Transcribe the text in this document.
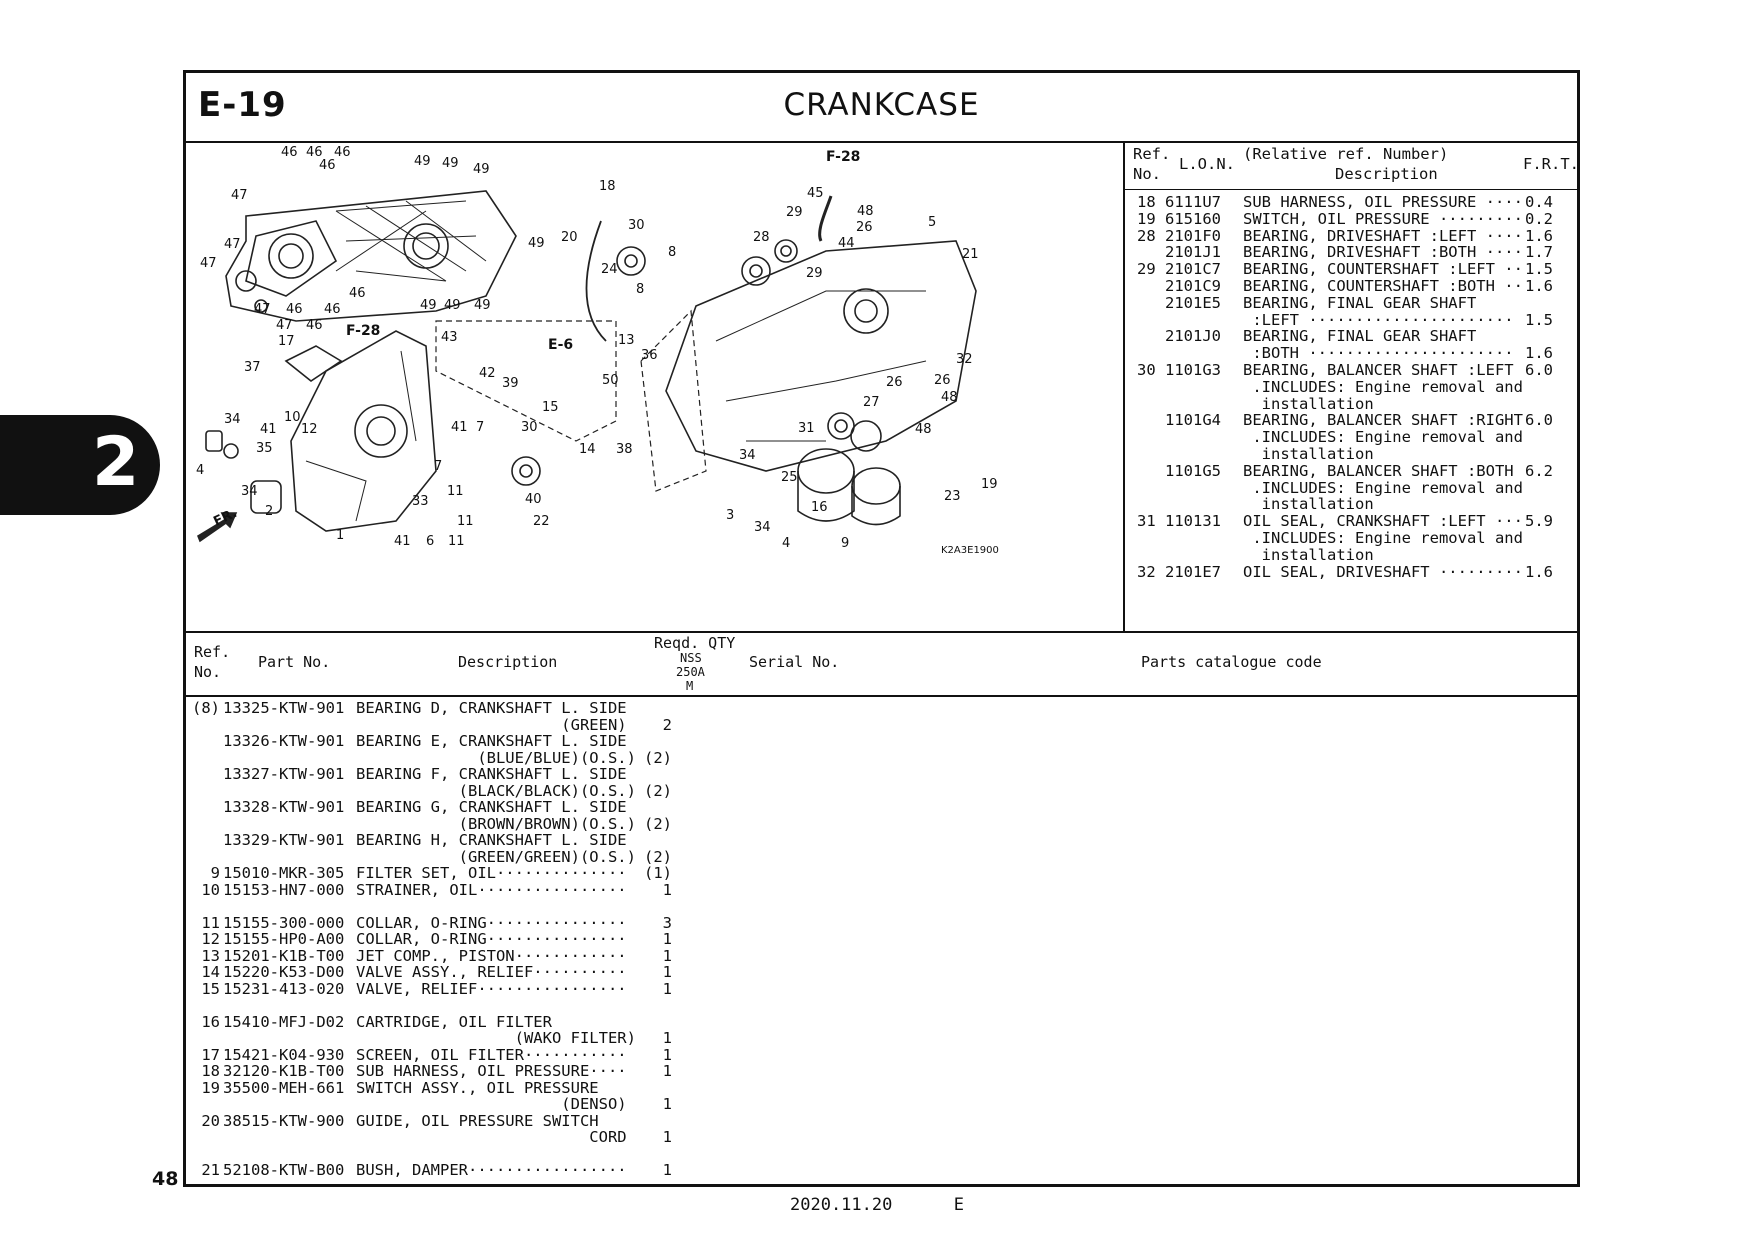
2
E-19	CRANKCASE
46 46 46
46	49 49 49
47
47
47
49
46
47 46 46	49 49 49
47 46
17
37
10
34
41 12
35
4
34
2
1	41 6 11
33
11
11
7
41 7
43
42
39	50
15
14 38
30
40
22
18
20
24
30
8
8
13
36
45
44
48
26
29
28
29
5
21
32
26
48
26
27
31	48
34
25
16
3
34
4	9
19
23
K2A3E1900
F-28
F-28
E-6
FR.
Ref.
No.
L.O.N.
(Relative ref. Number)
Description
F.R.T.
18 6111U7 SUB HARNESS, OIL PRESSURE ···· 0.4
19 615160 SWITCH, OIL PRESSURE ········· 0.2
28 2101F0 BEARING, DRIVESHAFT :LEFT ···· 1.6
2101J1 BEARING, DRIVESHAFT :BOTH ···· 1.7
29 2101C7 BEARING, COUNTERSHAFT :LEFT ·· 1.5
2101C9 BEARING, COUNTERSHAFT :BOTH ·· 1.6
2101E5 BEARING, FINAL GEAR SHAFT
:LEFT ······················ 1.5
2101J0 BEARING, FINAL GEAR SHAFT
:BOTH ······················ 1.6
30 1101G3 BEARING, BALANCER SHAFT :LEFT 6.0
.INCLUDES: Engine removal and
installation
1101G4 BEARING, BALANCER SHAFT :RIGHT 6.0
.INCLUDES: Engine removal and
installation
1101G5 BEARING, BALANCER SHAFT :BOTH 6.2
.INCLUDES: Engine removal and
installation
31 110131 OIL SEAL, CRANKSHAFT :LEFT ··· 5.9
.INCLUDES: Engine removal and
installation
32 2101E7 OIL SEAL, DRIVESHAFT ········· 1.6
Ref.
No.
Part No.	Description
Reqd. QTY
NSS
250A
M
Serial No.	Parts catalogue code
(8) 13325-KTW-901 BEARING D, CRANKSHAFT L. SIDE
(GREEN)	2
13326-KTW-901 BEARING E, CRANKSHAFT L. SIDE
(BLUE/BLUE)(O.S.) (2)
13327-KTW-901 BEARING F, CRANKSHAFT L. SIDE
(BLACK/BLACK)(O.S.) (2)
13328-KTW-901 BEARING G, CRANKSHAFT L. SIDE
(BROWN/BROWN)(O.S.) (2)
13329-KTW-901 BEARING H, CRANKSHAFT L. SIDE
(GREEN/GREEN)(O.S.) (2)
9 15010-MKR-305 FILTER SET, OIL··············	(1)
10 15153-HN7-000 STRAINER, OIL················	1
11 15155-300-000 COLLAR, O-RING···············	3
12 15155-HP0-A00 COLLAR, O-RING···············	1
13 15201-K1B-T00 JET COMP., PISTON············	1
14 15220-K53-D00 VALVE ASSY., RELIEF··········	1
15 15231-413-020 VALVE, RELIEF················	1
16 15410-MFJ-D02 CARTRIDGE, OIL FILTER
(WAKO FILTER)	1
17 15421-K04-930 SCREEN, OIL FILTER···········	1
18 32120-K1B-T00 SUB HARNESS, OIL PRESSURE····	1
19 35500-MEH-661 SWITCH ASSY., OIL PRESSURE
(DENSO)	1
20 38515-KTW-900 GUIDE, OIL PRESSURE SWITCH
CORD	1
21 52108-KTW-B00 BUSH, DAMPER·················	1
48
2020.11.20	E
